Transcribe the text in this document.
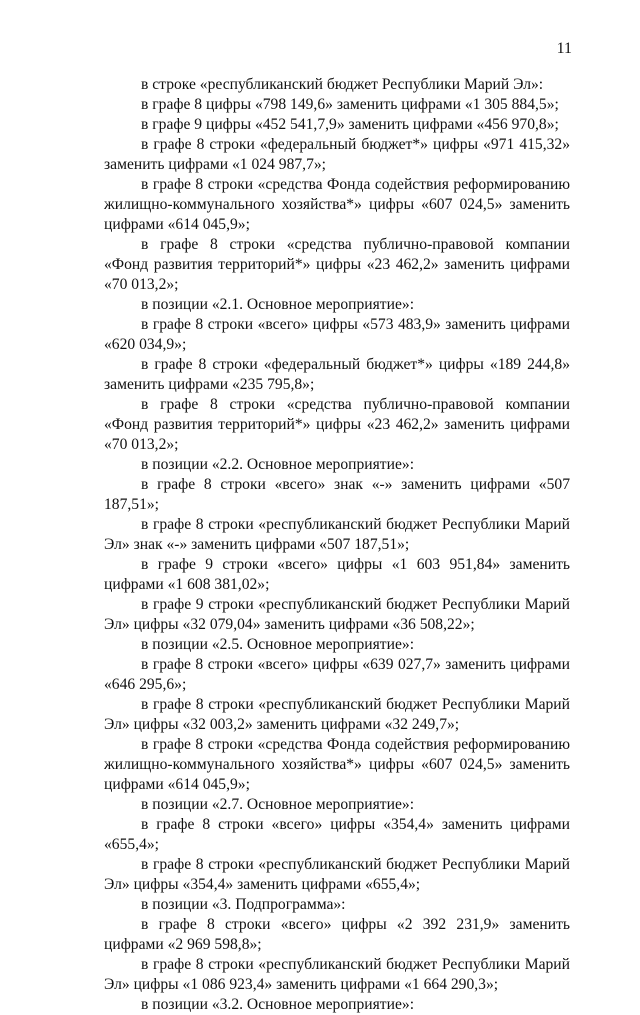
11

в строке «республиканский бюджет Республики Марий Эл»:

в графе 8 цифры «798 149,6» заменить цифрами «1 305 884,5»;

в графе 9 цифры «452 541,7,9» заменить цифрами «456 970,8»;

в графе 8 строки «федеральный бюджет*» цифры «971 415,32» заменить цифрами «1 024 987,7»;

в графе 8 строки «средства Фонда содействия реформированию жилищно-коммунального хозяйства*» цифры «607 024,5» заменить цифрами «614 045,9»;

в графе 8 строки «средства публично-правовой компании «Фонд развития территорий*» цифры «23 462,2» заменить цифрами «70 013,2»;

в позиции «2.1. Основное мероприятие»:

в графе 8 строки «всего» цифры «573 483,9» заменить цифрами «620 034,9»;

в графе 8 строки «федеральный бюджет*» цифры «189 244,8» заменить цифрами «235 795,8»;

в графе 8 строки «средства публично-правовой компании «Фонд развития территорий*» цифры «23 462,2» заменить цифрами «70 013,2»;

в позиции «2.2. Основное мероприятие»:

в графе 8 строки «всего» знак «-» заменить цифрами «507 187,51»;

в графе 8 строки «республиканский бюджет Республики Марий Эл» знак «-» заменить цифрами «507 187,51»;

в графе 9 строки «всего» цифры «1 603 951,84» заменить цифрами «1 608 381,02»;

в графе 9 строки «республиканский бюджет Республики Марий Эл» цифры «32 079,04» заменить цифрами «36 508,22»;

в позиции «2.5. Основное мероприятие»:

в графе 8 строки «всего» цифры «639 027,7» заменить цифрами «646 295,6»;

в графе 8 строки «республиканский бюджет Республики Марий Эл» цифры «32 003,2» заменить цифрами «32 249,7»;

в графе 8 строки «средства Фонда содействия реформированию жилищно-коммунального хозяйства*» цифры «607 024,5» заменить цифрами «614 045,9»;

в позиции «2.7. Основное мероприятие»:

в графе 8 строки «всего» цифры «354,4» заменить цифрами «655,4»;

в графе 8 строки «республиканский бюджет Республики Марий Эл» цифры «354,4» заменить цифрами «655,4»;

в позиции «3. Подпрограмма»:

в графе 8 строки «всего» цифры «2 392 231,9» заменить цифрами «2 969 598,8»;

в графе 8 строки «республиканский бюджет Республики Марий Эл» цифры «1 086 923,4» заменить цифрами «1 664 290,3»;

в позиции «3.2. Основное мероприятие»:
